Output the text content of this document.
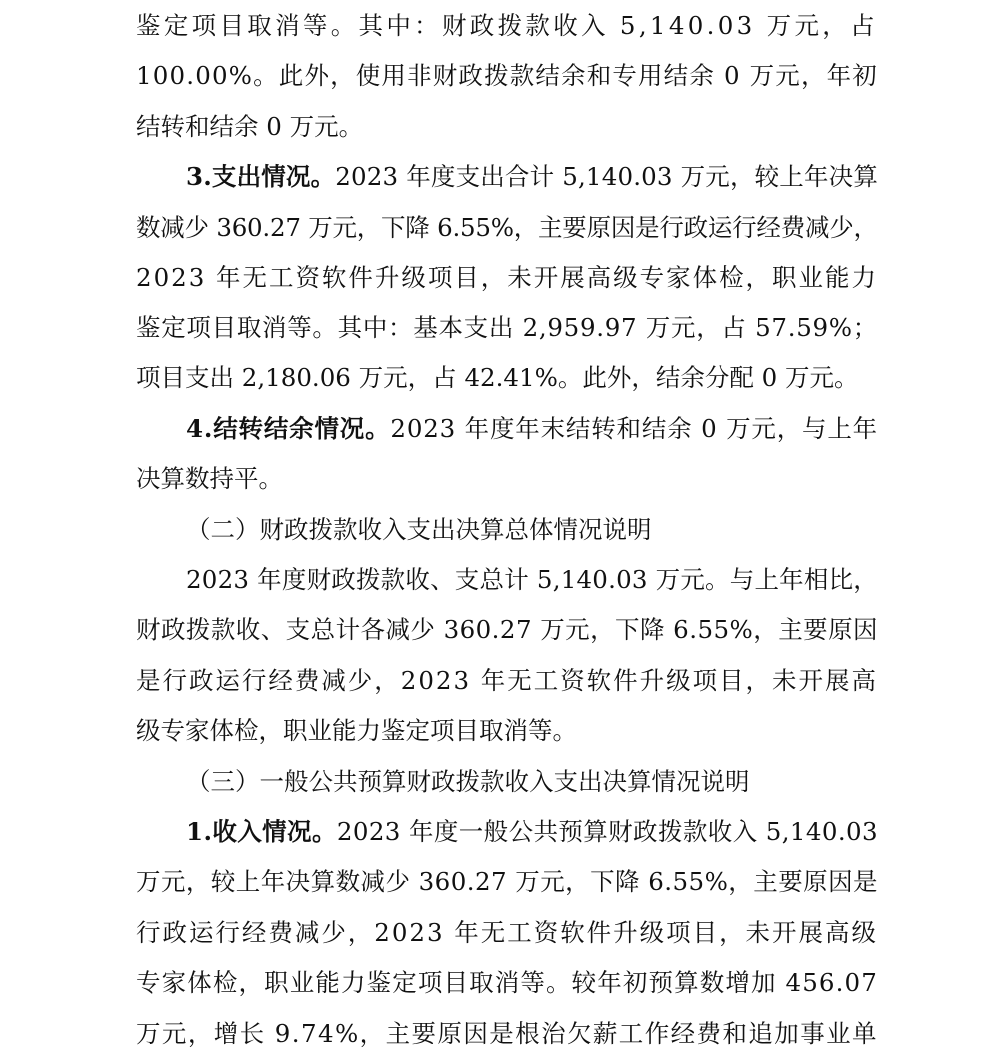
鉴定项目取消等。其中：财政拨款收入 5,140.03 万元，占
100.00%。此外，使用非财政拨款结余和专用结余 0 万元，年初
结转和结余 0 万元。
3.支出情况。2023 年度支出合计 5,140.03 万元，较上年决算
数减少 360.27 万元，下降 6.55%，主要原因是行政运行经费减少，
2023 年无工资软件升级项目，未开展高级专家体检，职业能力
鉴定项目取消等。其中：基本支出 2,959.97 万元，占 57.59%；
项目支出 2,180.06 万元，占 42.41%。此外，结余分配 0 万元。
4.结转结余情况。2023 年度年末结转和结余 0 万元，与上年
决算数持平。
（二）财政拨款收入支出决算总体情况说明
2023 年度财政拨款收、支总计 5,140.03 万元。与上年相比，
财政拨款收、支总计各减少 360.27 万元，下降 6.55%，主要原因
是行政运行经费减少，2023 年无工资软件升级项目，未开展高
级专家体检，职业能力鉴定项目取消等。
（三）一般公共预算财政拨款收入支出决算情况说明
1.收入情况。2023 年度一般公共预算财政拨款收入 5,140.03
万元，较上年决算数减少 360.27 万元，下降 6.55%，主要原因是
行政运行经费减少，2023 年无工资软件升级项目，未开展高级
专家体检，职业能力鉴定项目取消等。较年初预算数增加 456.07
万元，增长 9.74%，主要原因是根治欠薪工作经费和追加事业单
